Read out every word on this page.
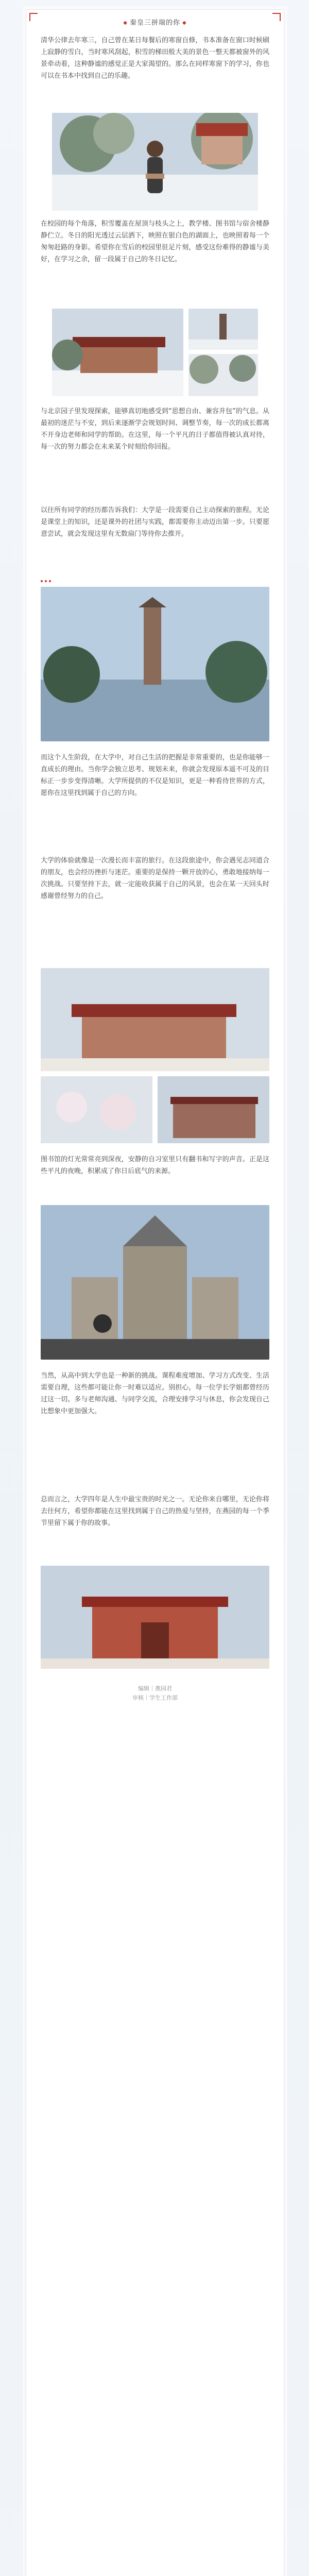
◆ 秦皇三拼瑞的你 ◆

清华公律去年寒三，自己曾在某日每餐后的寒窗自修，书本准备在窗口时候刷上寂静的雪白，当时寒风刮起，积雪的梯田般大美的景色一整天都被窗外的风景牵动着，这种静谧的感觉正是大家渴望的。那么在同样寒窗下的学习，你也可以在书本中找到自己的乐趣。

在校园的每个角落，积雪覆盖在屋顶与枝头之上，教学楼、图书馆与宿舍楼静静伫立。冬日的阳光透过云层洒下，映照在银白色的湖面上，也映照着每一个匆匆赶路的身影。希望你在雪后的校园里驻足片刻，感受这份难得的静谧与美好，在学习之余，留一段属于自己的冬日记忆。

与北京园子里发现探索，能够真切地感受到“思想自由、兼容并包”的气息。从最初的迷茫与不安，到后来逐渐学会规划时间、调整节奏，每一次的成长都离不开身边老师和同学的帮助。在这里，每一个平凡的日子都值得被认真对待，每一次的努力都会在未来某个时刻给你回报。

以往所有同学的经历都告诉我们：大学是一段需要自己主动探索的旅程。无论是课堂上的知识，还是课外的社团与实践，都需要你主动迈出第一步。只要愿意尝试，就会发现这里有无数扇门等待你去推开。

而这个人生阶段，在大学中，对自己生活的把握是非常重要的，也是你能够一直成长的理由。当你学会独立思考、规划未来，你就会发现原本遥不可及的目标正一步步变得清晰。大学所提供的不仅是知识，更是一种看待世界的方式，愿你在这里找到属于自己的方向。

大学的体验就像是一次漫长而丰富的旅行。在这段旅途中，你会遇见志同道合的朋友，也会经历挫折与迷茫。重要的是保持一颗开放的心，勇敢地接纳每一次挑战。只要坚持下去，就一定能收获属于自己的风景，也会在某一天回头时感谢曾经努力的自己。

图书馆的灯光常常亮到深夜，安静的自习室里只有翻书和写字的声音。正是这些平凡的夜晚，积累成了你日后底气的来源。

当然，从高中到大学也是一种新的挑战。课程难度增加、学习方式改变、生活需要自理，这些都可能让你一时难以适应。别担心，每一位学长学姐都曾经历过这一切。多与老师沟通、与同学交流，合理安排学习与休息，你会发现自己比想象中更加强大。

总而言之，大学四年是人生中最宝贵的时光之一。无论你来自哪里，无论你将去往何方，希望你都能在这里找到属于自己的热爱与坚持，在燕园的每一个季节里留下属于你的故事。

编辑｜燕园君
审核｜学生工作部
